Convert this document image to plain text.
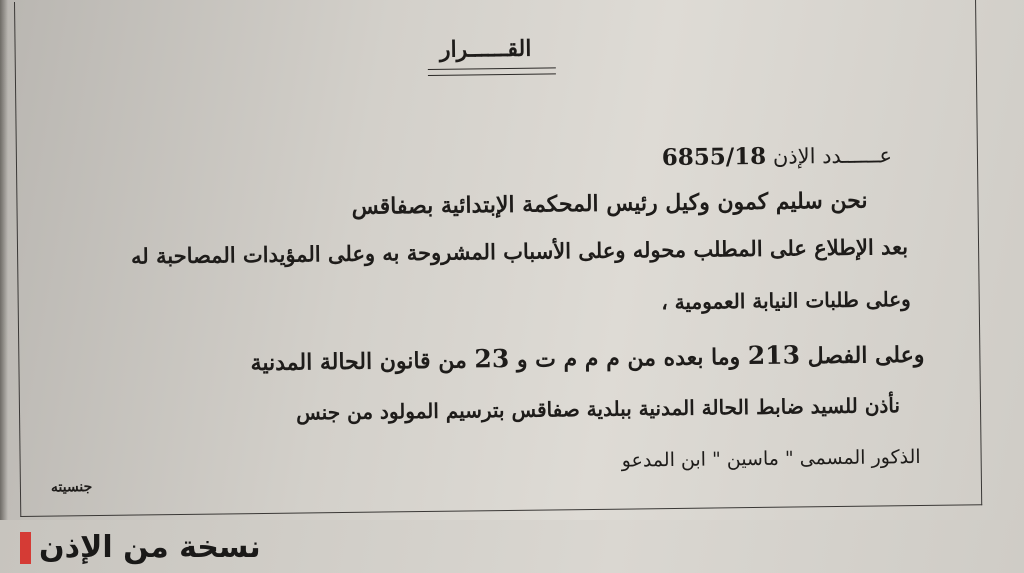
القــــــرار
عــــــدد الإذن 6855/18
نحن سليم كمون وكيل رئيس المحكمة الإبتدائية بصفاقس
بعد الإطلاع على المطلب محوله وعلى الأسباب المشروحة به وعلى المؤيدات المصاحبة له
وعلى طلبات النيابة العمومية ،
وعلى الفصل 213 وما بعده من م م م ت و 23 من قانون الحالة المدنية
نأذن للسيد ضابط الحالة المدنية ببلدية صفاقس بترسيم المولود من جنس
الذكور المسمى " ماسين " ابن المدعو
جنسيته
نسخة من الإذن
